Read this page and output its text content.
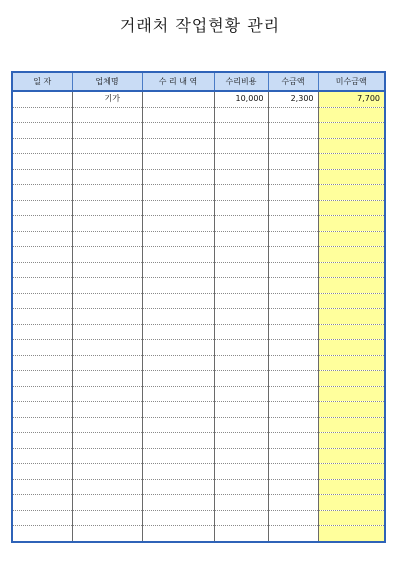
거래처 작업현황 관리
일 자	업체명	수 리 내 역	수리비용	수금액	미수금액
	기가		10,000	2,300	7,700
